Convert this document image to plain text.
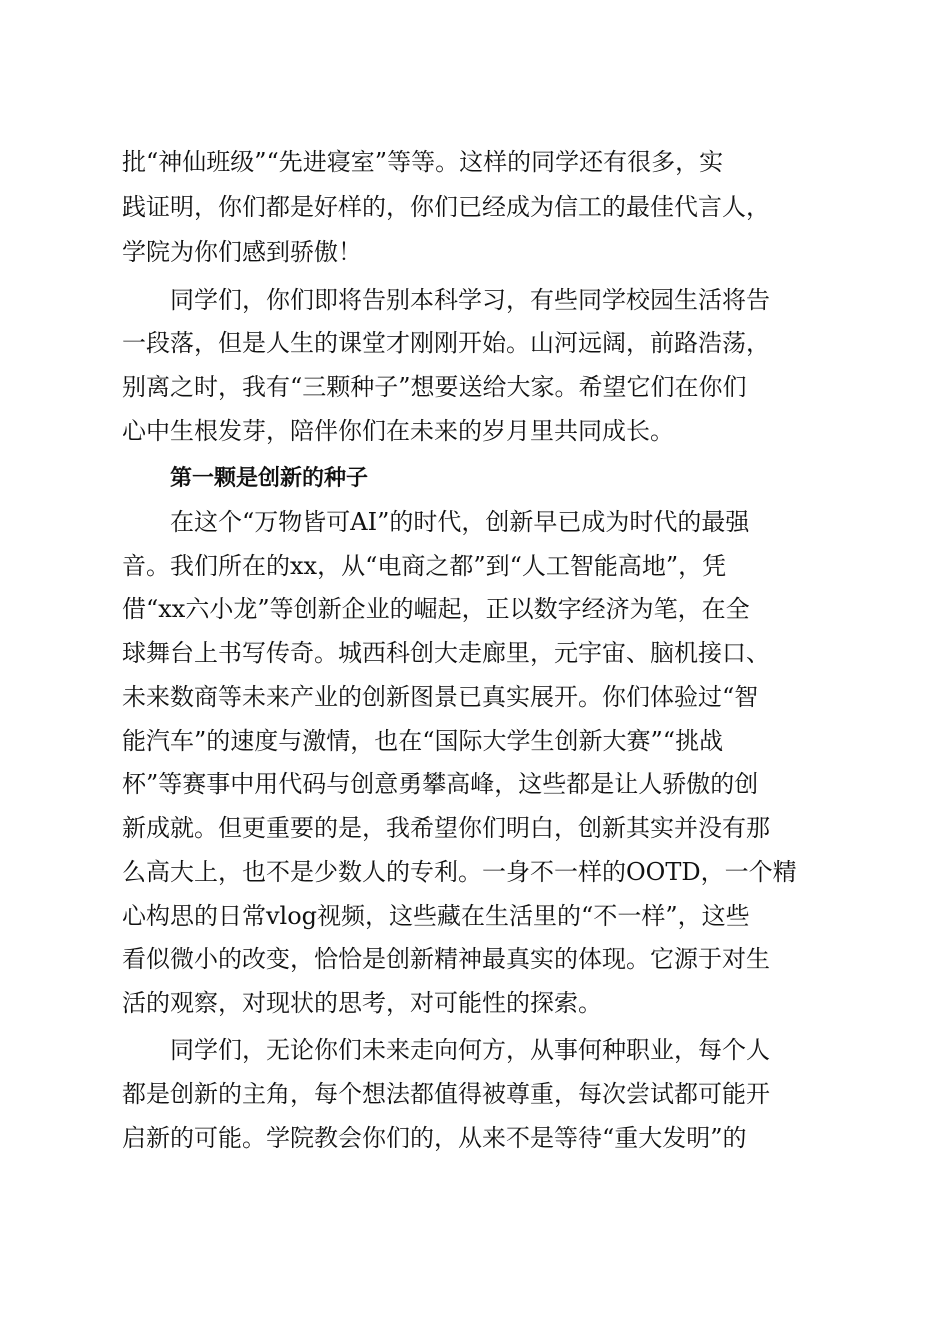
批“神仙班级”“先进寝室”等等。这样的同学还有很多，实
践证明，你们都是好样的，你们已经成为信工的最佳代言人，
学院为你们感到骄傲！
同学们，你们即将告别本科学习，有些同学校园生活将告
一段落，但是人生的课堂才刚刚开始。山河远阔，前路浩荡，
别离之时，我有“三颗种子”想要送给大家。希望它们在你们
心中生根发芽，陪伴你们在未来的岁月里共同成长。
第一颗是创新的种子
在这个“万物皆可AI”的时代，创新早已成为时代的最强
音。我们所在的xx，从“电商之都”到“人工智能高地”，凭
借“xx六小龙”等创新企业的崛起，正以数字经济为笔，在全
球舞台上书写传奇。城西科创大走廊里，元宇宙、脑机接口、
未来数商等未来产业的创新图景已真实展开。你们体验过“智
能汽车”的速度与激情，也在“国际大学生创新大赛”“挑战
杯”等赛事中用代码与创意勇攀高峰，这些都是让人骄傲的创
新成就。但更重要的是，我希望你们明白，创新其实并没有那
么高大上，也不是少数人的专利。一身不一样的OOTD，一个精
心构思的日常vlog视频，这些藏在生活里的“不一样”，这些
看似微小的改变，恰恰是创新精神最真实的体现。它源于对生
活的观察，对现状的思考，对可能性的探索。
同学们，无论你们未来走向何方，从事何种职业，每个人
都是创新的主角，每个想法都值得被尊重，每次尝试都可能开
启新的可能。学院教会你们的，从来不是等待“重大发明”的
